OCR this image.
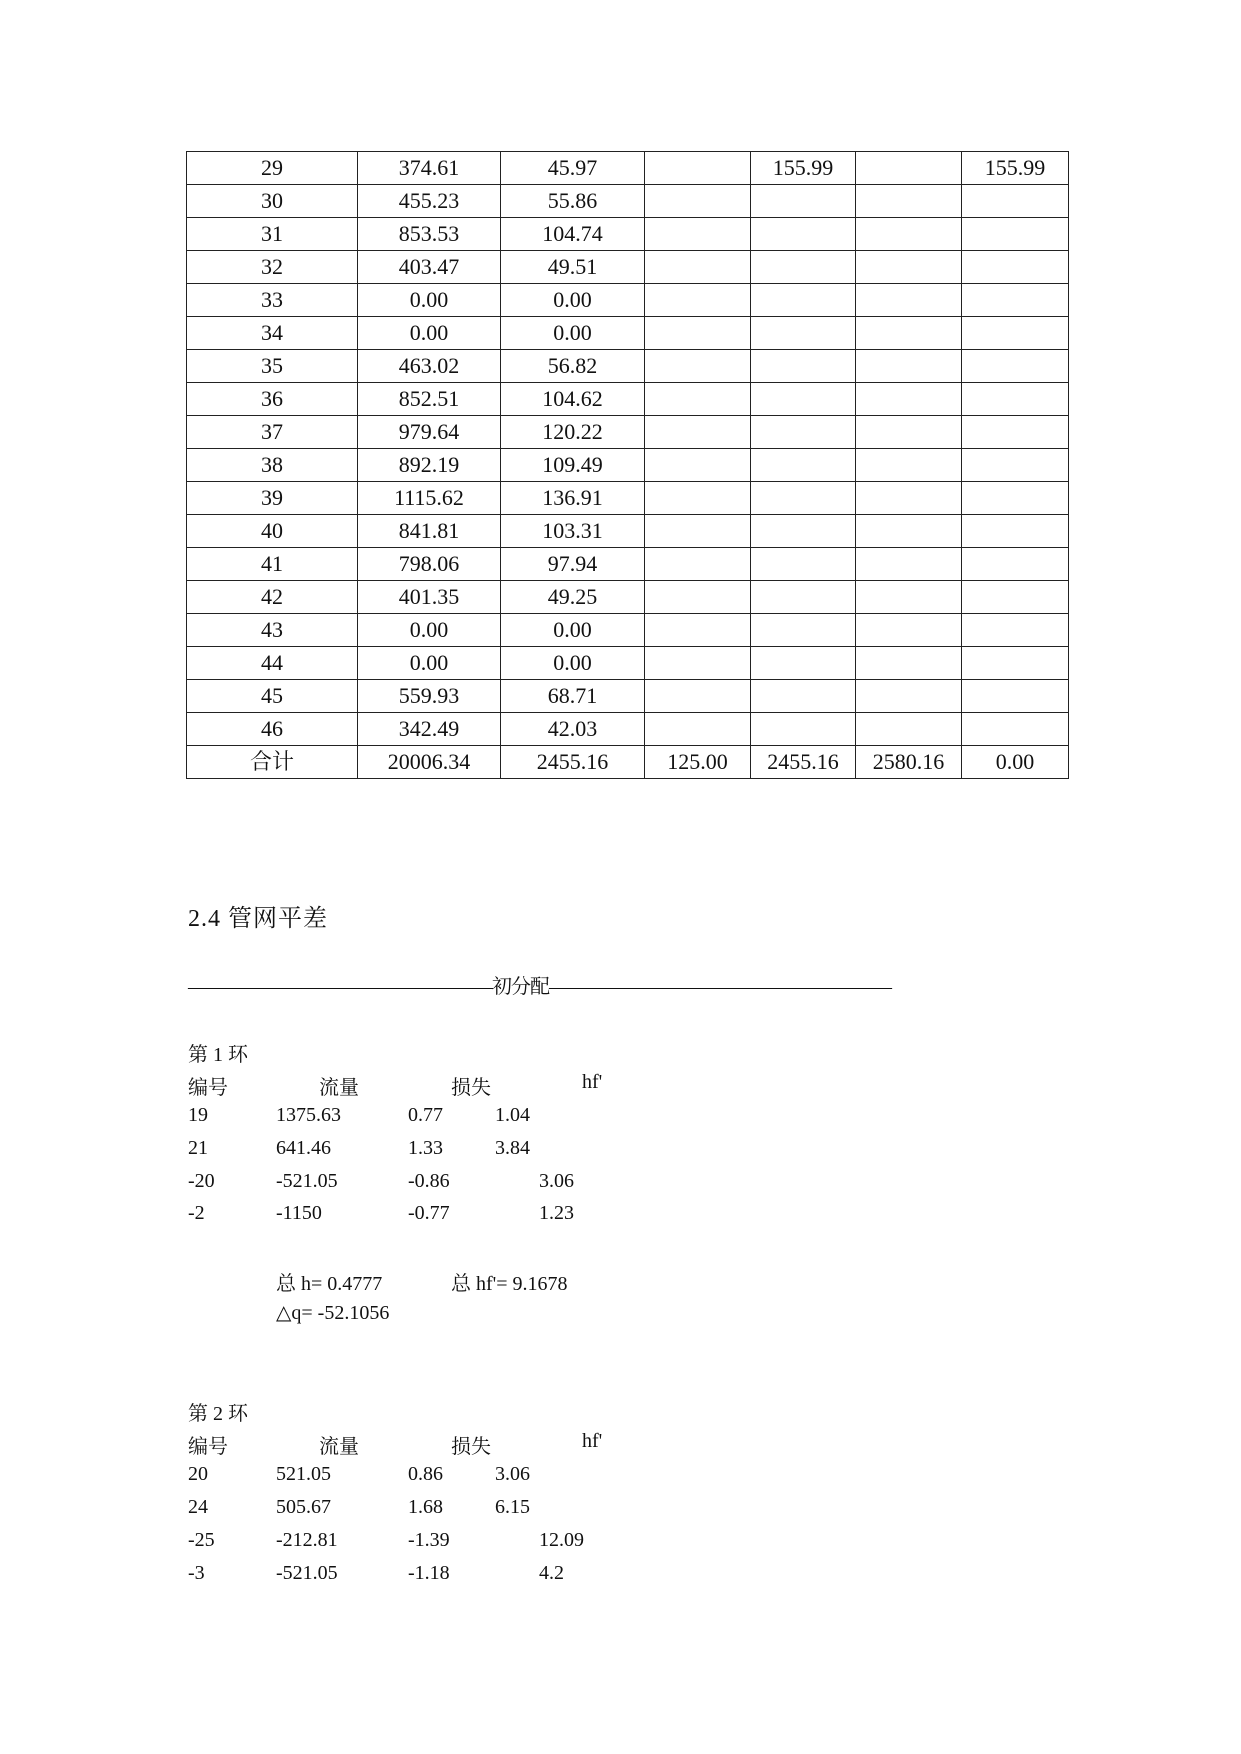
29	374.61	45.97		155.99		155.99
30	455.23	55.86				
31	853.53	104.74				
32	403.47	49.51				
33	0.00	0.00				
34	0.00	0.00				
35	463.02	56.82				
36	852.51	104.62				
37	979.64	120.22				
38	892.19	109.49				
39	1115.62	136.91				
40	841.81	103.31				
41	798.06	97.94				
42	401.35	49.25				
43	0.00	0.00				
44	0.00	0.00				
45	559.93	68.71				
46	342.49	42.03				
合计	20006.34	2455.16	125.00	2455.16	2580.16	0.00
2.4 管网平差
————————————————初分配——————————————————
第 1 环
编号	流量	损失	hf'
19	1375.63	0.77	1.04
21	641.46	1.33	3.84
-20	-521.05	-0.86	3.06
-2	-1150	-0.77	1.23
总 h= 0.4777	总 hf'= 9.1678
△q= -52.1056
第 2 环
编号	流量	损失	hf'
20	521.05	0.86	3.06
24	505.67	1.68	6.15
-25	-212.81	-1.39	12.09
-3	-521.05	-1.18	4.2
